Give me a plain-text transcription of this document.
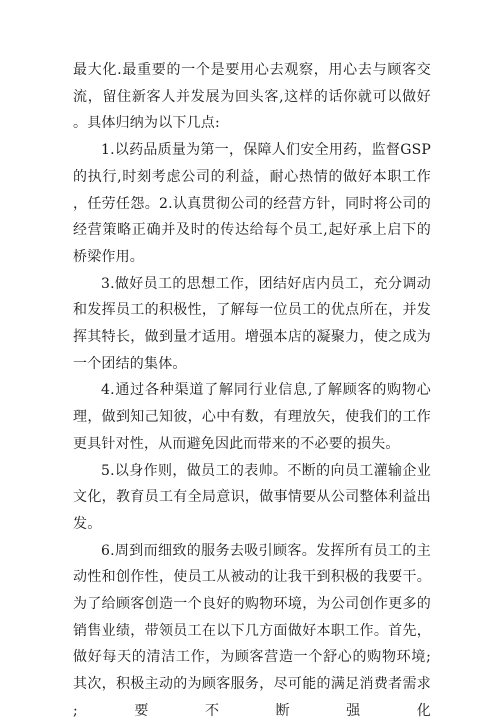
最大化.最重要的一个是要用心去观察，用心去与顾客交流，留住新客人并发展为回头客,这样的话你就可以做好。具体归纳为以下几点:

1.以药品质量为第一，保障人们安全用药，监督GSP的执行,时刻考虑公司的利益，耐心热情的做好本职工作，任劳任怨。2.认真贯彻公司的经营方针，同时将公司的经营策略正确并及时的传达给每个员工,起好承上启下的桥梁作用。

3.做好员工的思想工作，团结好店内员工，充分调动和发挥员工的积极性，了解每一位员工的优点所在，并发挥其特长，做到量才适用。增强本店的凝聚力，使之成为一个团结的集体。

4.通过各种渠道了解同行业信息,了解顾客的购物心理，做到知己知彼，心中有数，有理放矢，使我们的工作更具针对性，从而避免因此而带来的不必要的损失。

5.以身作则，做员工的表帅。不断的向员工灌输企业文化，教育员工有全局意识，做事情要从公司整体利益出发。

6.周到而细致的服务去吸引顾客。发挥所有员工的主动性和创作性，使员工从被动的让我干到积极的我要干。为了给顾客创造一个良好的购物环境，为公司创作更多的销售业绩，带领员工在以下几方面做好本职工作。首先，做好每天的清洁工作，为顾客营造一个舒心的购物环境;其次，积极主动的为顾客服务，尽可能的满足消费者需求;要不断强化
